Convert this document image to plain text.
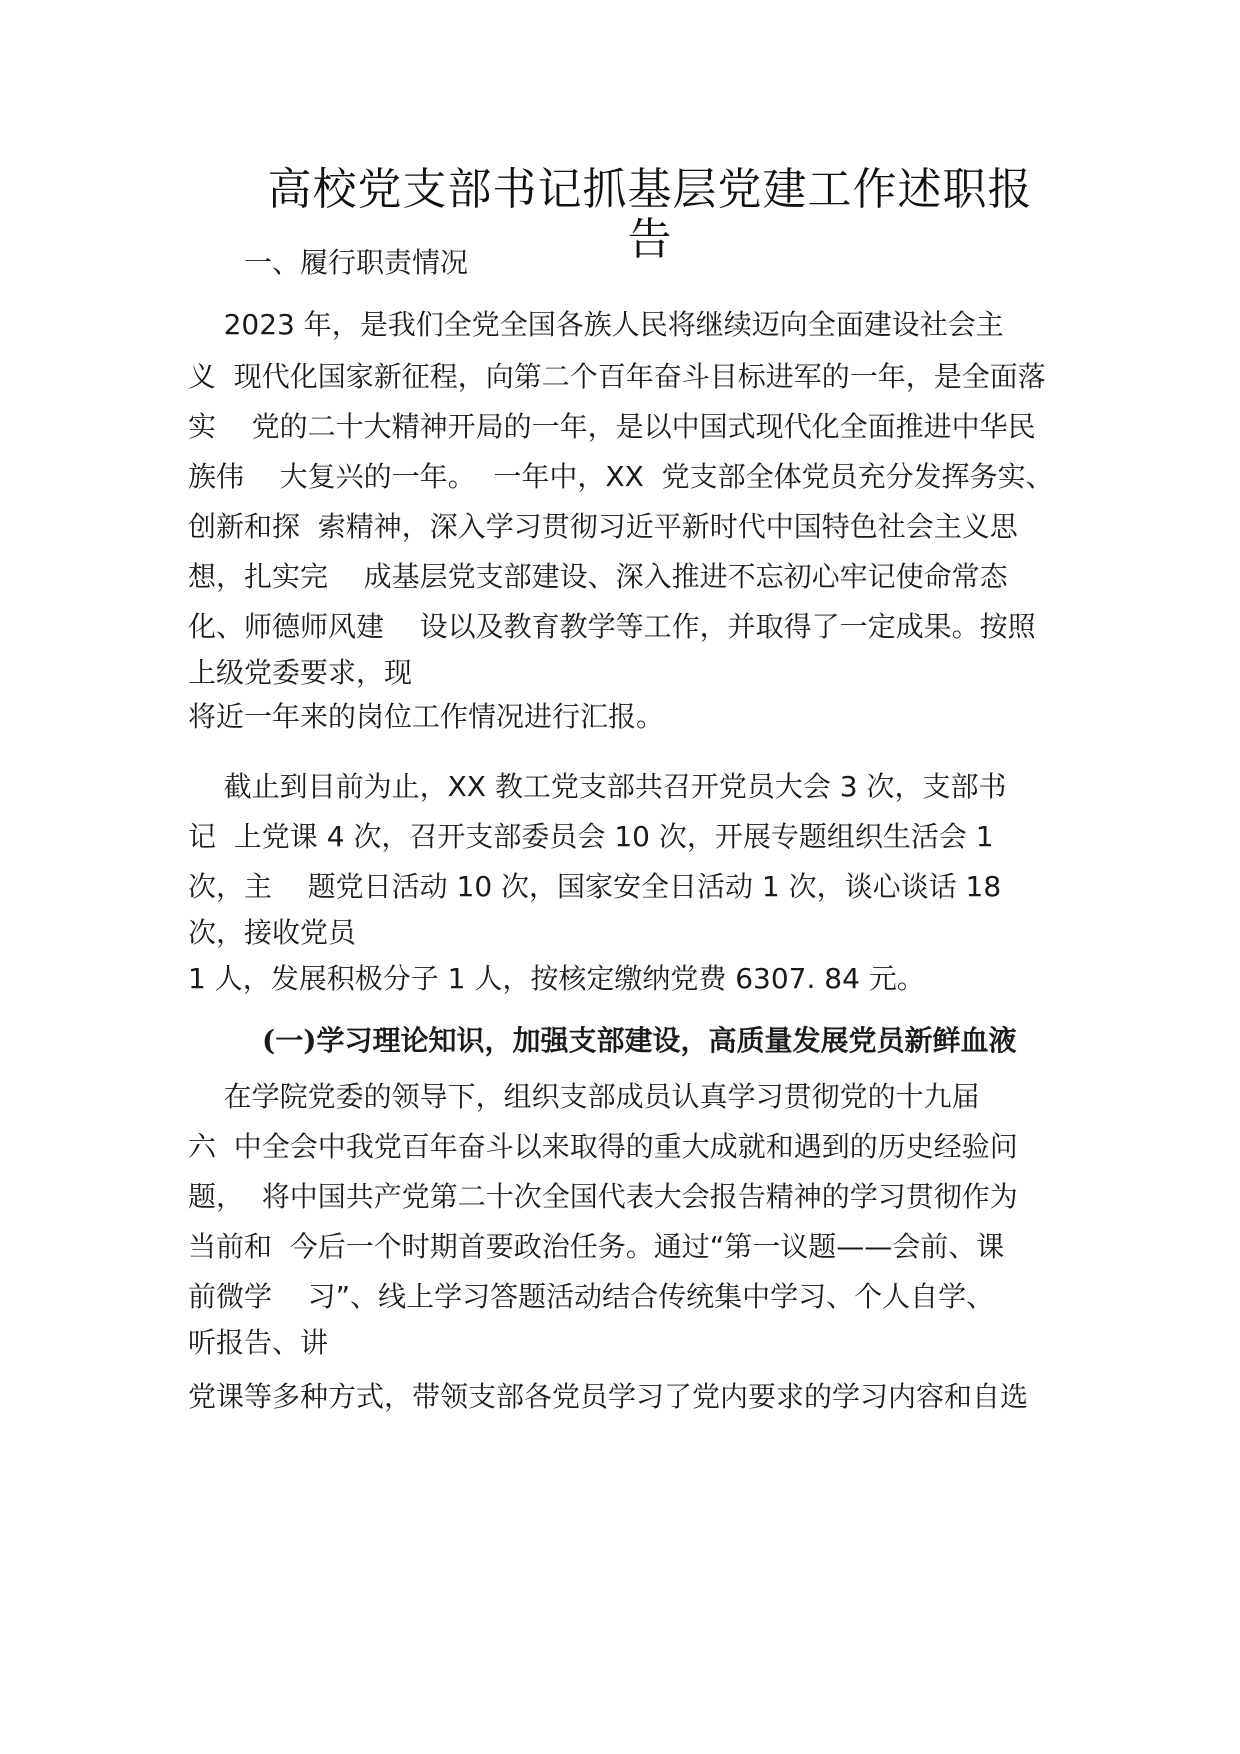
高校党支部书记抓基层党建工作述职报
告
一、履行职责情况
2023 年，是我们全党全国各族人民将继续迈向全面建设社会主
义  现代化国家新征程，向第二个百年奋斗目标进军的一年，是全面落
实    党的二十大精神开局的一年，是以中国式现代化全面推进中华民
族伟    大复兴的一年。  一年中，XX  党支部全体党员充分发挥务实、
创新和探  索精神，深入学习贯彻习近平新时代中国特色社会主义思
想，扎实完    成基层党支部建设、深入推进不忘初心牢记使命常态
化、师德师风建    设以及教育教学等工作，并取得了一定成果。按照
上级党委要求，现
将近一年来的岗位工作情况进行汇报。
截止到目前为止，XX 教工党支部共召开党员大会 3 次，支部书
记  上党课 4 次，召开支部委员会 10 次，开展专题组织生活会 1
次，主    题党日活动 10 次，国家安全日活动 1 次，谈心谈话 18
次，接收党员
1 人，发展积极分子 1 人，按核定缴纳党费 6307. 84 元。
(一)学习理论知识，加强支部建设，高质量发展党员新鲜血液
在学院党委的领导下，组织支部成员认真学习贯彻党的十九届
六  中全会中我党百年奋斗以来取得的重大成就和遇到的历史经验问
题，  将中国共产党第二十次全国代表大会报告精神的学习贯彻作为
当前和  今后一个时期首要政治任务。通过“第一议题——会前、课
前微学    习”、线上学习答题活动结合传统集中学习、个人自学、
听报告、讲
党课等多种方式，带领支部各党员学习了党内要求的学习内容和自选
